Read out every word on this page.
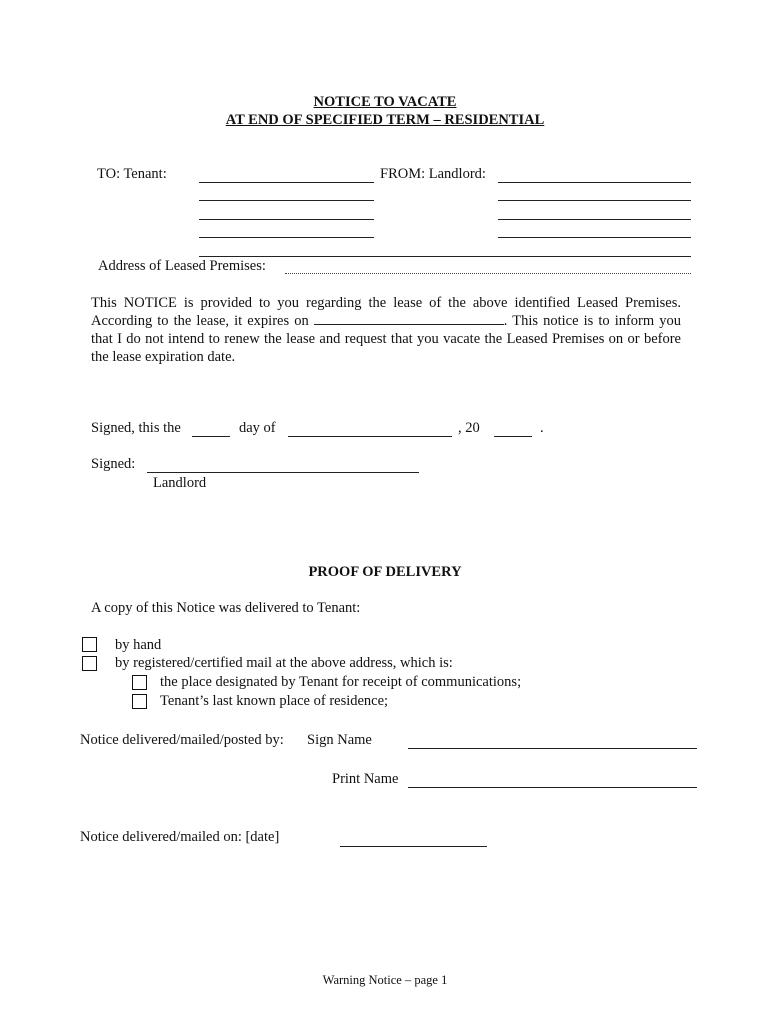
NOTICE TO VACATE
AT END OF SPECIFIED TERM – RESIDENTIAL
TO: Tenant:	FROM: Landlord:
Address of Leased Premises:
This NOTICE is provided to you regarding the lease of the above identified Leased Premises. According to the lease, it expires on	. This notice is to inform you that I do not intend to renew the lease and request that you vacate the Leased Premises on or before the lease expiration date.
Signed, this the	day of	, 20	.
Signed:
Landlord
PROOF OF DELIVERY
A copy of this Notice was delivered to Tenant:
by hand
by registered/certified mail at the above address, which is:
the place designated by Tenant for receipt of communications;
Tenant’s last known place of residence;
Notice delivered/mailed/posted by: Sign Name
Print Name
Notice delivered/mailed on: [date]
Warning Notice – page 1
